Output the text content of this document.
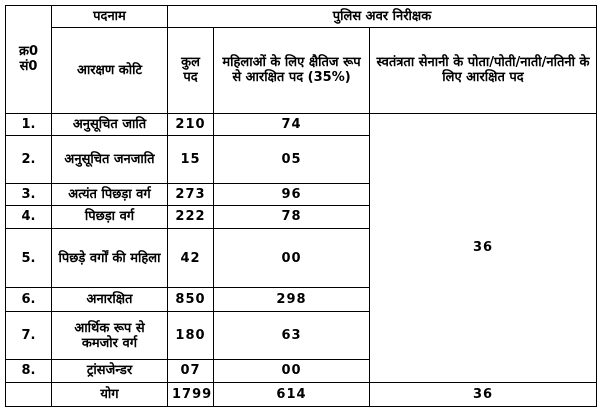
क्र0 सं0	पदनाम	पुलिस अवर निरीक्षक		
	आरक्षण कोटि	कुल पद	महिलाओं के लिए क्षैतिज रूप से आरक्षित पद (35%)	स्वतंत्रता सेनानी के पोता/पोती/नाती/नतिनी के लिए आरक्षित पद
1.	अनुसूचित जाति	210	74	36
2.	अनुसूचित जनजाति	15	05	
3.	अत्यंत पिछड़ा वर्ग	273	96	
4.	पिछड़ा वर्ग	222	78	
5.	पिछड़े वर्गों की महिला	42	00	
6.	अनारक्षित	850	298	
7.	आर्थिक रूप से कमजोर वर्ग	180	63	
8.	ट्रांसजेन्डर	07	00	
	योग	1799	614	36
